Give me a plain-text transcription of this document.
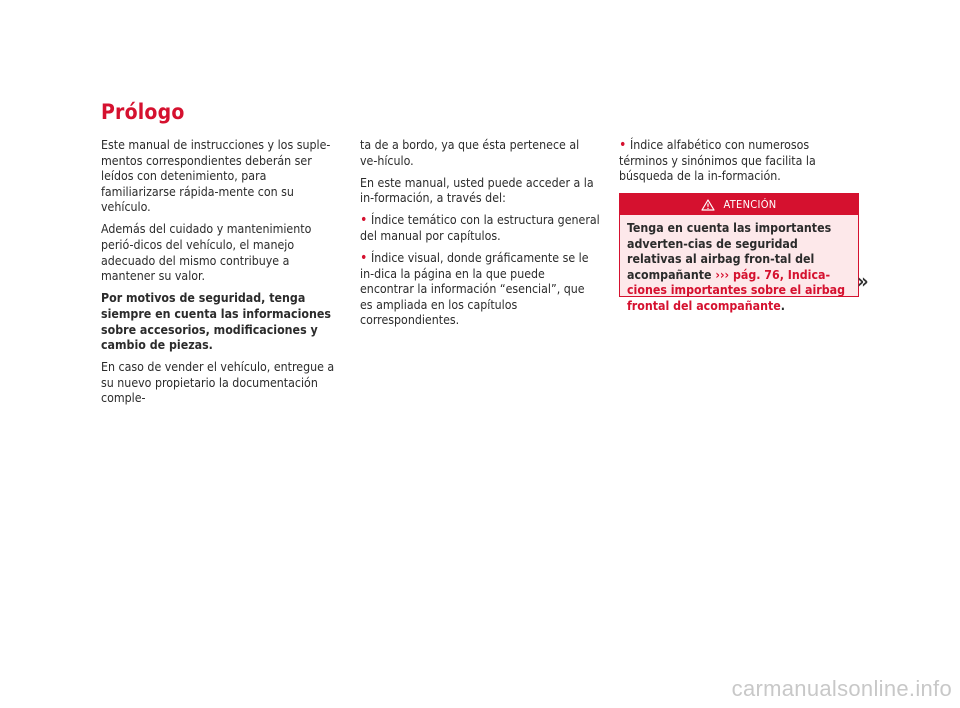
Prólogo

Este manual de instrucciones y los suple-mentos correspondientes deberán ser leídos con detenimiento, para familiarizarse rápida-mente con su vehículo.

Además del cuidado y mantenimiento perió-dicos del vehículo, el manejo adecuado del mismo contribuye a mantener su valor.

Por motivos de seguridad, tenga siempre en cuenta las informaciones sobre accesorios, modificaciones y cambio de piezas.

En caso de vender el vehículo, entregue a su nuevo propietario la documentación comple-

ta de a bordo, ya que ésta pertenece al ve-hículo.

En este manual, usted puede acceder a la in-formación, a través del:

• Índice temático con la estructura general del manual por capítulos.

• Índice visual, donde gráficamente se le in-dica la página en la que puede encontrar la información “esencial”, que es ampliada en los capítulos correspondientes.

• Índice alfabético con numerosos términos y sinónimos que facilita la búsqueda de la in-formación.

ATENCIÓN
Tenga en cuenta las importantes adverten-cias de seguridad relativas al airbag fron-tal del acompañante ››› pág. 76, Indica-ciones importantes sobre el airbag frontal del acompañante.
»
carmanualsonline.info
